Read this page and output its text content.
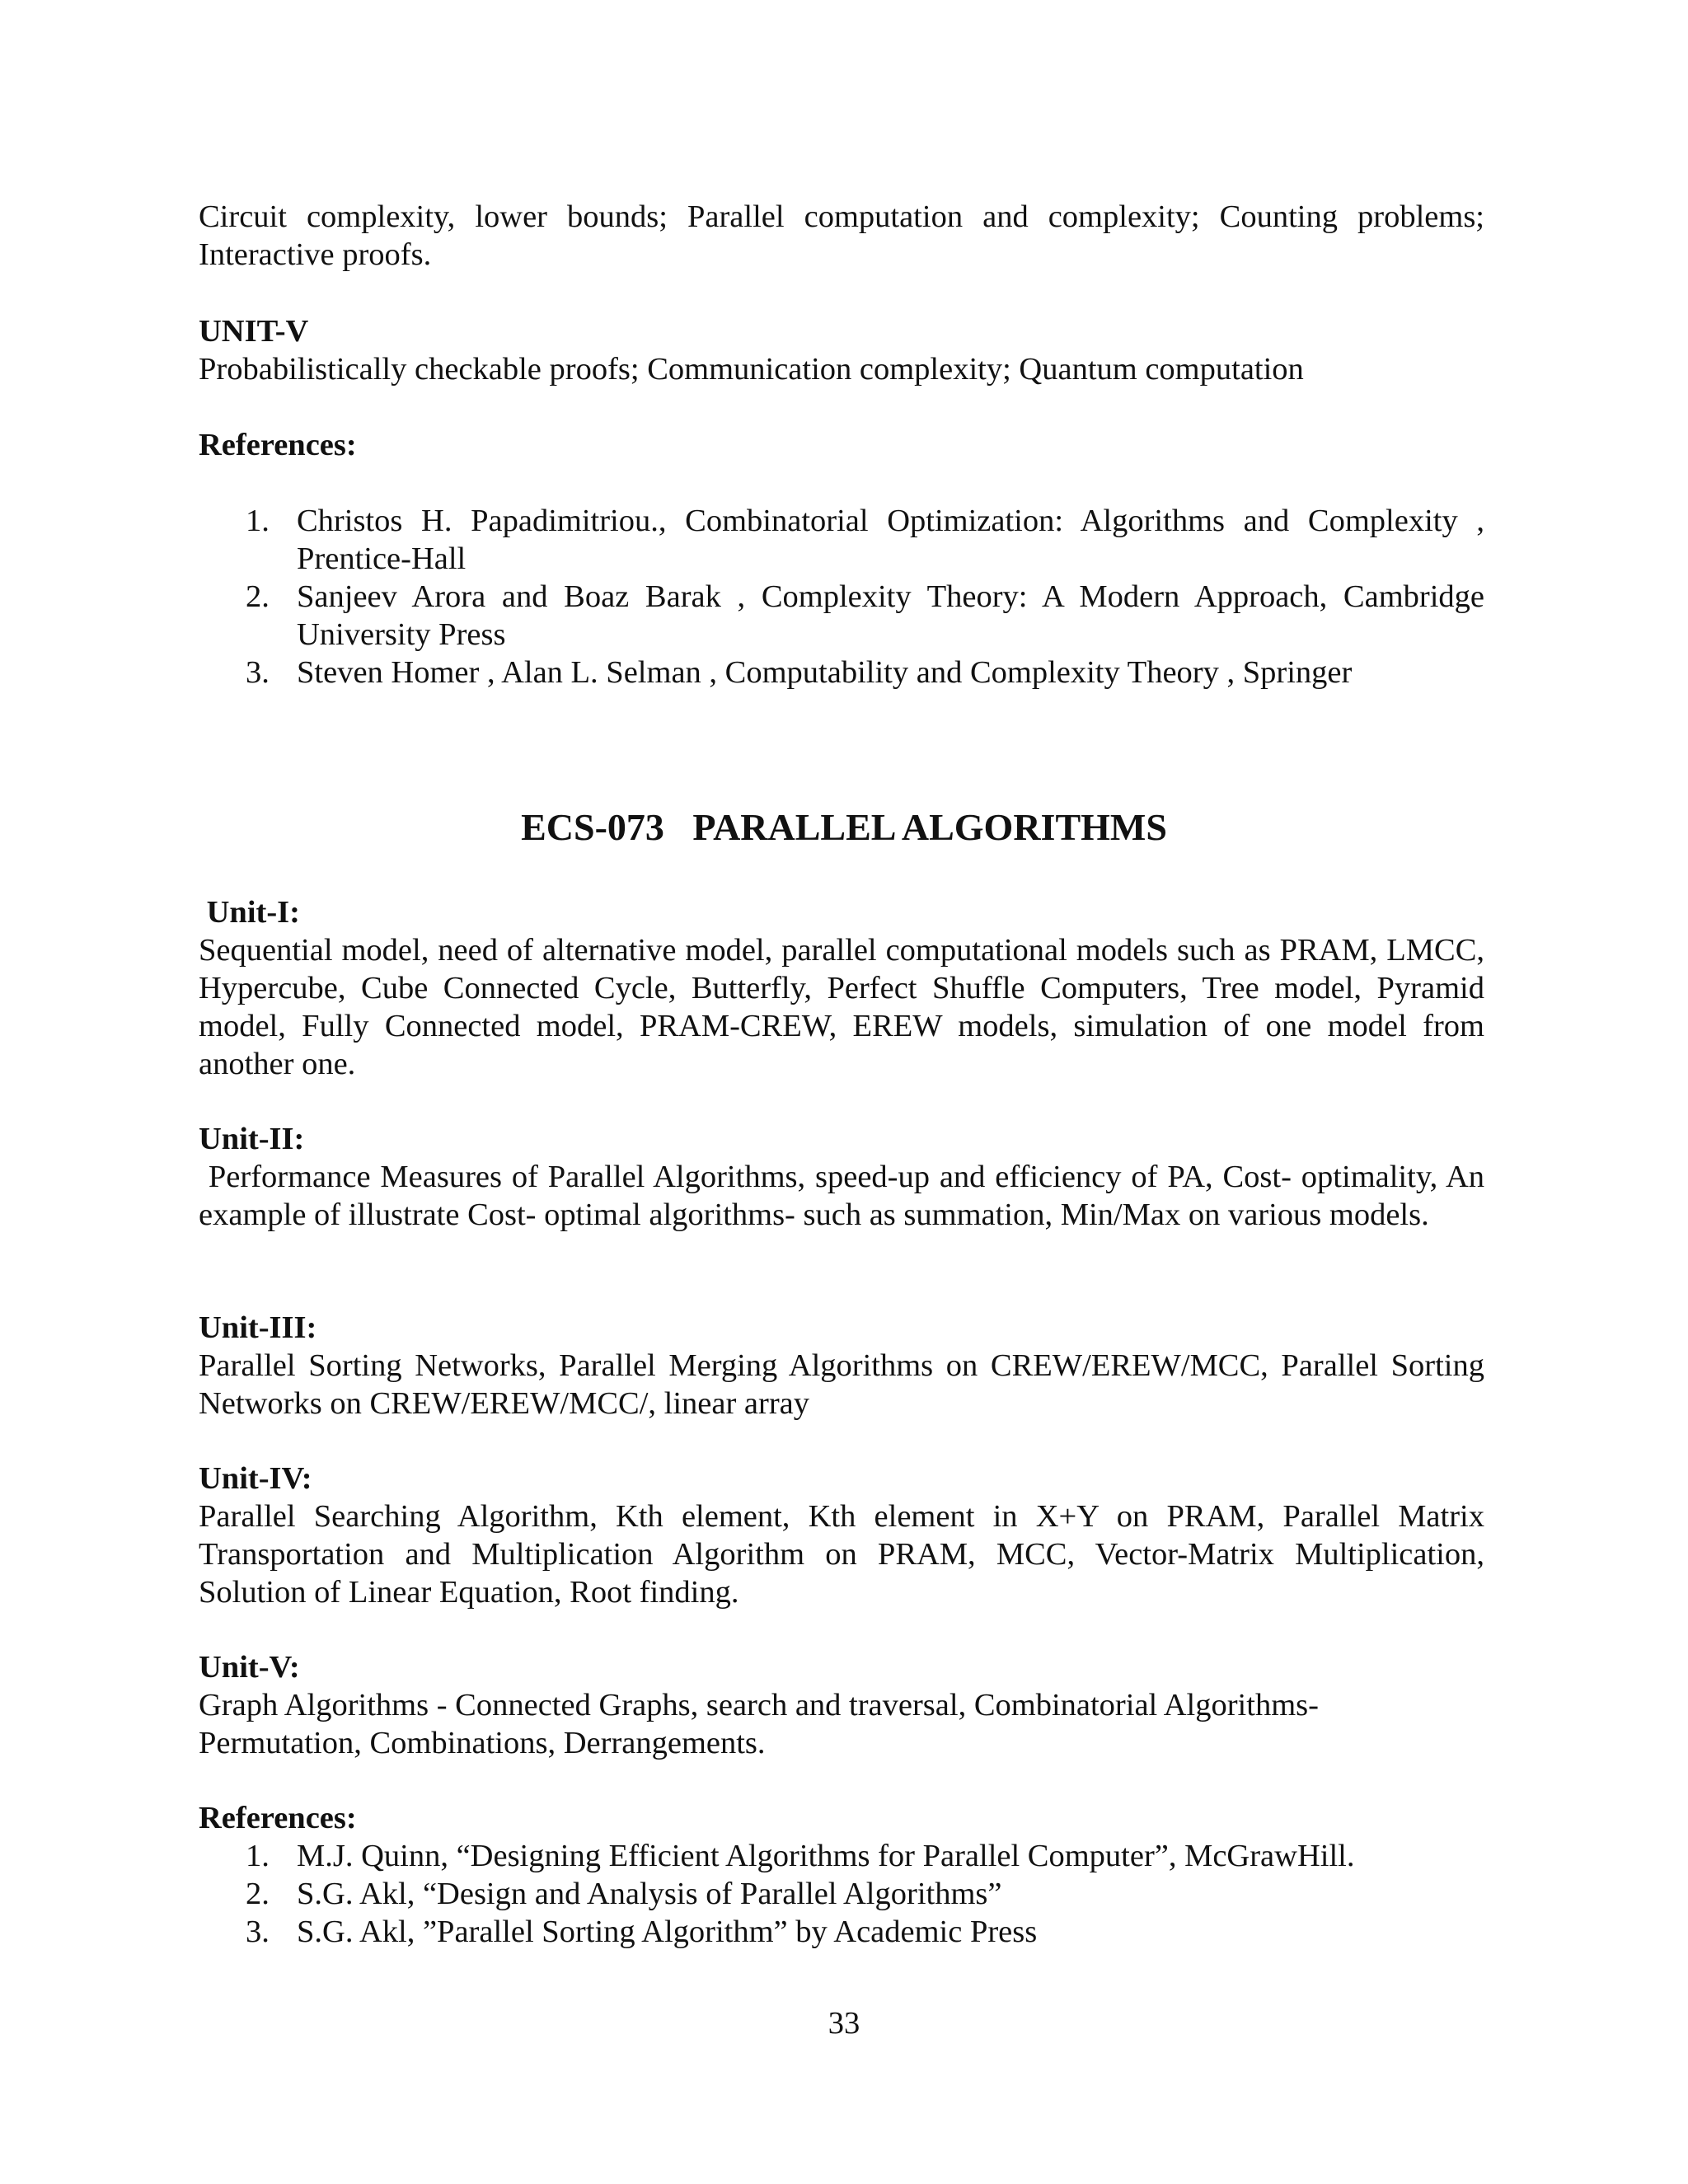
Circuit complexity, lower bounds; Parallel computation and complexity; Counting problems; Interactive proofs.
UNIT-V
Probabilistically checkable proofs; Communication complexity; Quantum computation
References:
1. Christos H. Papadimitriou., Combinatorial Optimization: Algorithms and Complexity , Prentice-Hall
2. Sanjeev Arora and Boaz Barak , Complexity Theory: A Modern Approach, Cambridge University Press
3. Steven Homer , Alan L. Selman , Computability and Complexity Theory , Springer
ECS-073   PARALLEL ALGORITHMS
Unit-I:
Sequential model, need of alternative model, parallel computational models such as PRAM, LMCC, Hypercube, Cube Connected Cycle, Butterfly, Perfect Shuffle Computers, Tree model, Pyramid model, Fully Connected model, PRAM-CREW, EREW models, simulation of one model from another one.
Unit-II:
Performance Measures of Parallel Algorithms, speed-up and efficiency of PA, Cost- optimality, An example of illustrate Cost- optimal algorithms- such as summation, Min/Max on various models.
Unit-III:
Parallel Sorting Networks, Parallel Merging Algorithms on CREW/EREW/MCC, Parallel Sorting Networks on CREW/EREW/MCC/, linear array
Unit-IV:
Parallel Searching Algorithm, Kth element, Kth element in X+Y on PRAM, Parallel Matrix Transportation and Multiplication Algorithm on PRAM, MCC, Vector-Matrix Multiplication, Solution of Linear Equation, Root finding.
Unit-V:
Graph Algorithms - Connected Graphs, search and traversal, Combinatorial Algorithms-
Permutation, Combinations, Derrangements.
References:
1. M.J. Quinn, “Designing Efficient Algorithms for Parallel Computer”, McGrawHill.
2. S.G. Akl, “Design and Analysis of Parallel Algorithms”
3. S.G. Akl, ”Parallel Sorting Algorithm” by Academic Press
33
